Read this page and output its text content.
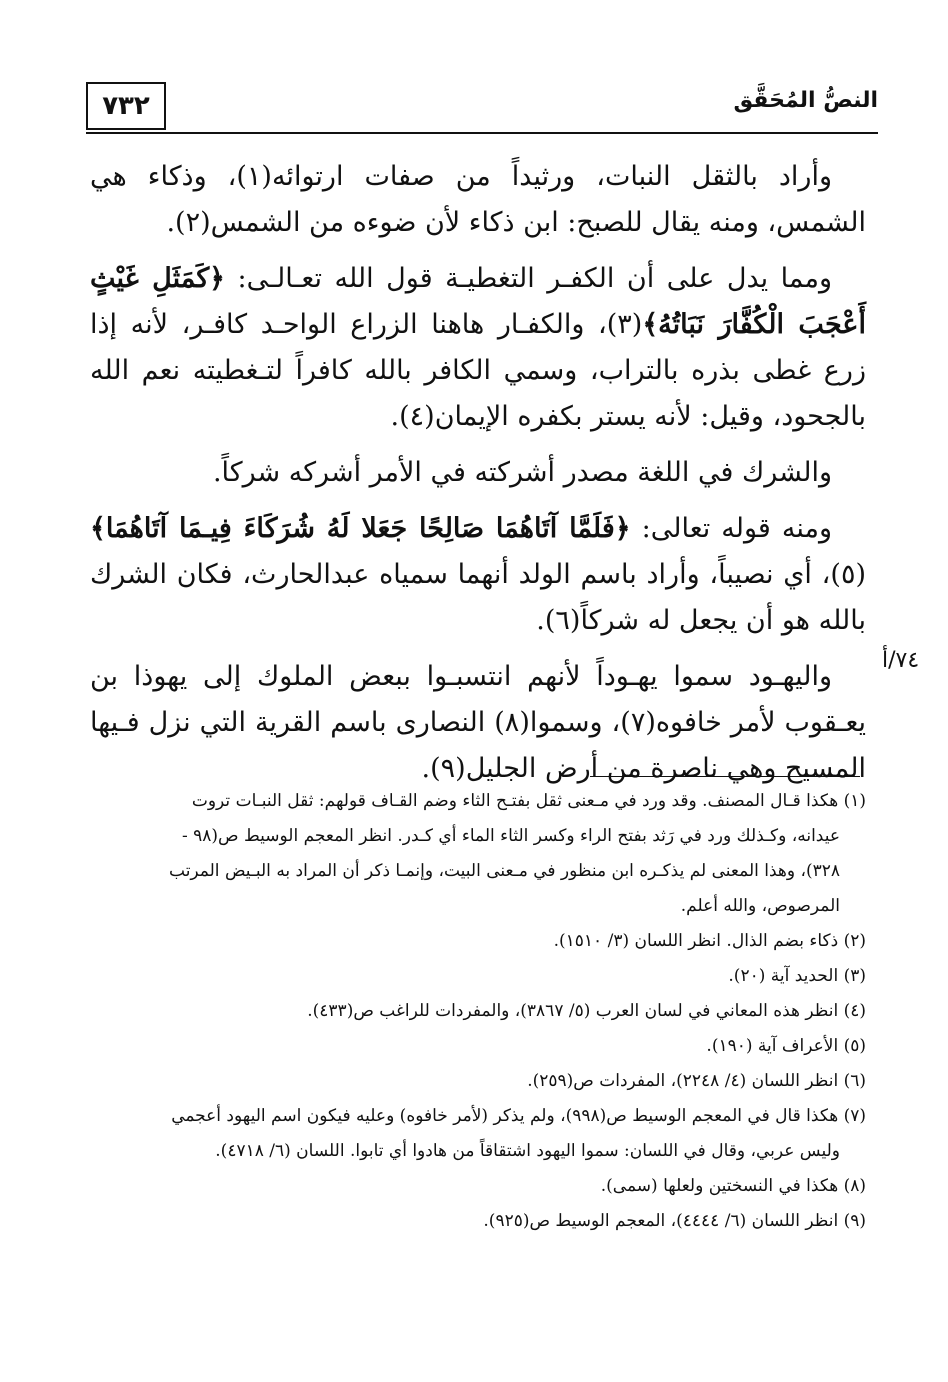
٧٣٢	النصُّ المُحَقَّق
٧٤/أ

وأراد بالثقل النبات، ورثيداً من صفات ارتوائه(١)، وذكاء هي الشمس، ومنه يقال للصبح: ابن ذكاء لأن ضوءه من الشمس(٢).

ومما يدل على أن الكفـر التغطيـة قول الله تعـالـى: ﴿كَمَثَلِ غَيْثٍ أَعْجَبَ الْكُفَّارَ نَبَاتُهُ﴾(٣)، والكفـار هاهنا الزراع الواحـد كافـر، لأنه إذا زرع غطى بذره بالتراب، وسمي الكافر بالله كافراً لتـغطيته نعم الله بالجحود، وقيل: لأنه يستر بكفره الإيمان(٤).

والشرك في اللغة مصدر أشركته في الأمر أشركه شركاً.

ومنه قوله تعالى: ﴿فَلَمَّا آتَاهُمَا صَالِحًا جَعَلا لَهُ شُرَكَاءَ فِيـمَا آتَاهُمَا﴾(٥)، أي نصيباً، وأراد باسم الولد أنهما سمياه عبدالحارث، فكان الشرك بالله هو أن يجعل له شركاً(٦).

واليهـود سموا يهـوداً لأنهم انتسبـوا ببعض الملوك إلى يهوذا بن يعـقوب لأمر خافوه(٧)، وسموا(٨) النصارى باسم القرية التي نزل فـيها المسيح وهي ناصرة من أرض الجليل(٩).

(١) هكذا قـال المصنف. وقد ورد في مـعنى ثقل بفتـح الثاء وضم القـاف قولهم: ثقل النبـات تروت

عيدانه، وكـذلك ورد في رَثد بفتح الراء وكسر الثاء الماء أي كـدر. انظر المعجم الوسيط ص(٩٨ -

٣٢٨)، وهذا المعنى لم يذكـره ابن منظور في مـعنى البيت، وإنمـا ذكر أن المراد به البـيض المرتب

المرصوص، والله أعلم.

(٢) ذكاء بضم الذال. انظر اللسان (٣/ ١٥١٠).

(٣) الحديد آية (٢٠).

(٤) انظر هذه المعاني في لسان العرب (٥/ ٣٨٦٧)، والمفردات للراغب ص(٤٣٣).

(٥) الأعراف آية (١٩٠).

(٦) انظر اللسان (٤/ ٢٢٤٨)، المفردات ص(٢٥٩).

(٧) هكذا قال في المعجم الوسيط ص(٩٩٨)، ولم يذكر (لأمر خافوه) وعليه فيكون اسم اليهود أعجمي

وليس عربي، وقال في اللسان: سموا اليهود اشتقاقاً من هادوا أي تابوا. اللسان (٦/ ٤٧١٨).

(٨) هكذا في النسختين ولعلها (سمى).

(٩) انظر اللسان (٦/ ٤٤٤٤)، المعجم الوسيط ص(٩٢٥).
